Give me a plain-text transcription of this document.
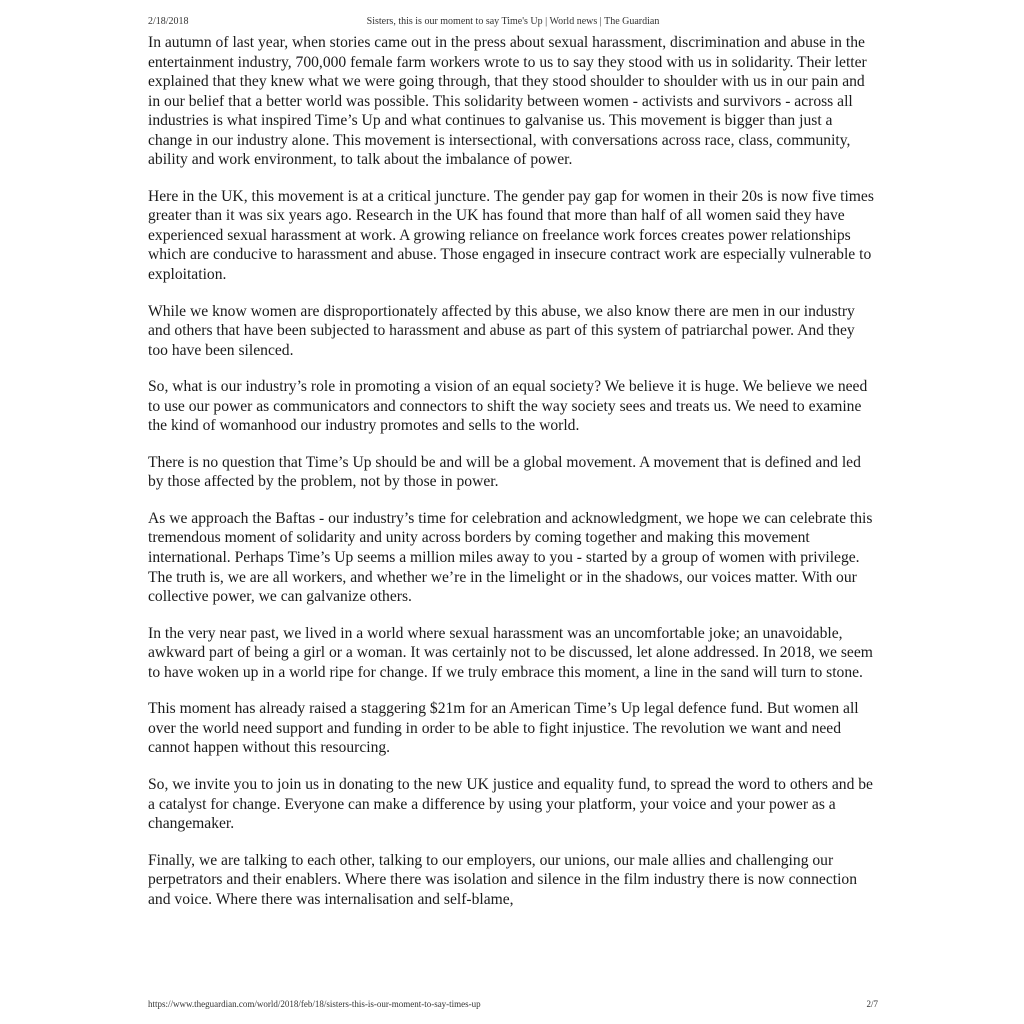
2/18/2018	Sisters, this is our moment to say Time's Up | World news | The Guardian

In autumn of last year, when stories came out in the press about sexual harassment, discrimination and abuse in the entertainment industry, 700,000 female farm workers wrote to us to say they stood with us in solidarity. Their letter explained that they knew what we were going through, that they stood shoulder to shoulder with us in our pain and in our belief that a better world was possible. This solidarity between women - activists and survivors - across all industries is what inspired Time’s Up and what continues to galvanise us. This movement is bigger than just a change in our industry alone. This movement is intersectional, with conversations across race, class, community, ability and work environment, to talk about the imbalance of power.

Here in the UK, this movement is at a critical juncture. The gender pay gap for women in their 20s is now five times greater than it was six years ago. Research in the UK has found that more than half of all women said they have experienced sexual harassment at work. A growing reliance on freelance work forces creates power relationships which are conducive to harassment and abuse. Those engaged in insecure contract work are especially vulnerable to exploitation.

While we know women are disproportionately affected by this abuse, we also know there are men in our industry and others that have been subjected to harassment and abuse as part of this system of patriarchal power. And they too have been silenced.

So, what is our industry’s role in promoting a vision of an equal society? We believe it is huge. We believe we need to use our power as communicators and connectors to shift the way society sees and treats us. We need to examine the kind of womanhood our industry promotes and sells to the world.

There is no question that Time’s Up should be and will be a global movement. A movement that is defined and led by those affected by the problem, not by those in power.

As we approach the Baftas - our industry’s time for celebration and acknowledgment, we hope we can celebrate this tremendous moment of solidarity and unity across borders by coming together and making this movement international. Perhaps Time’s Up seems a million miles away to you - started by a group of women with privilege. The truth is, we are all workers, and whether we’re in the limelight or in the shadows, our voices matter. With our collective power, we can galvanize others.

In the very near past, we lived in a world where sexual harassment was an uncomfortable joke; an unavoidable, awkward part of being a girl or a woman. It was certainly not to be discussed, let alone addressed. In 2018, we seem to have woken up in a world ripe for change. If we truly embrace this moment, a line in the sand will turn to stone.

This moment has already raised a staggering $21m for an American Time’s Up legal defence fund. But women all over the world need support and funding in order to be able to fight injustice. The revolution we want and need cannot happen without this resourcing.

So, we invite you to join us in donating to the new UK justice and equality fund, to spread the word to others and be a catalyst for change. Everyone can make a difference by using your platform, your voice and your power as a changemaker.

Finally, we are talking to each other, talking to our employers, our unions, our male allies and challenging our perpetrators and their enablers. Where there was isolation and silence in the film industry there is now connection and voice. Where there was internalisation and self-blame,

https://www.theguardian.com/world/2018/feb/18/sisters-this-is-our-moment-to-say-times-up	2/7
